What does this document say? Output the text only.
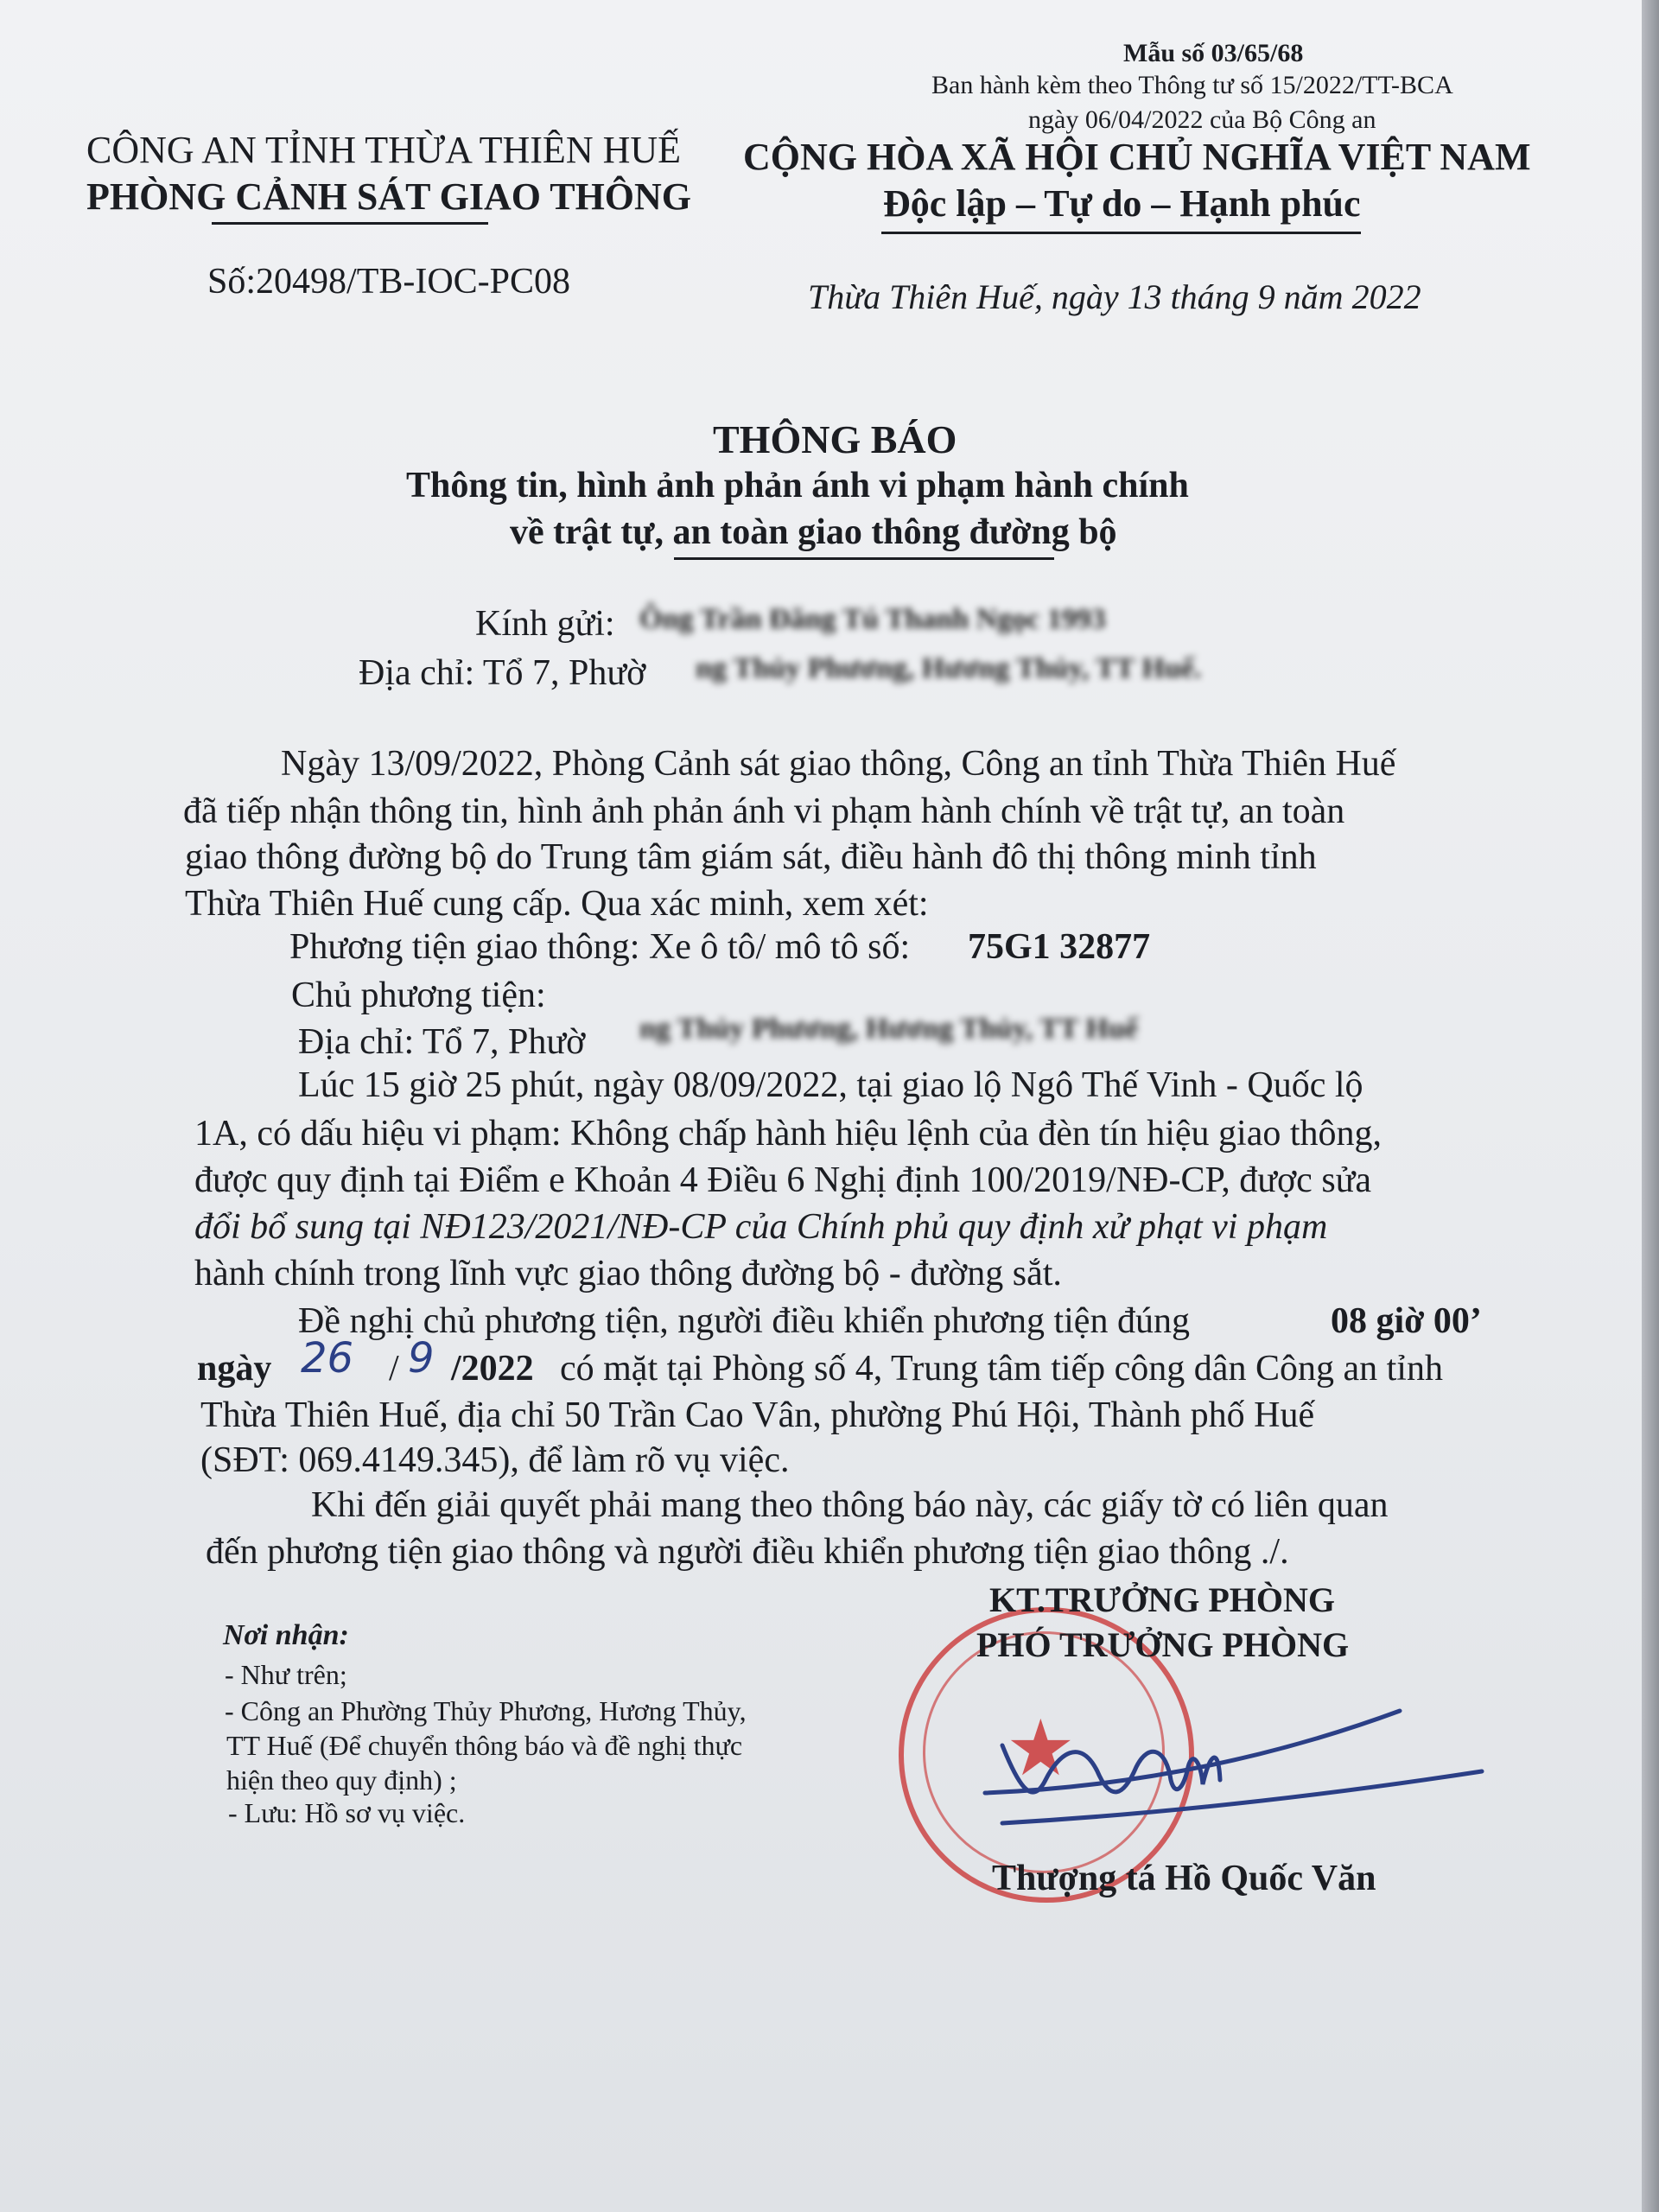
Mẫu số 03/65/68
Ban hành kèm theo Thông tư số 15/2022/TT-BCA
ngày 06/04/2022 của Bộ Công an
CÔNG AN TỈNH THỪA THIÊN HUẾ
PHÒNG CẢNH SÁT GIAO THÔNG
Số:20498/TB-IOC-PC08
CỘNG HÒA XÃ HỘI CHỦ NGHĨA VIỆT NAM
Độc lập – Tự do – Hạnh phúc
Thừa Thiên Huế, ngày 13 tháng 9 năm 2022
THÔNG BÁO
Thông tin, hình ảnh phản ánh vi phạm hành chính
về trật tự, an toàn giao thông đường bộ
Kính gửi: Ông Trần Đăng Tú Thanh Ngọc 1993
Địa chỉ: Tổ 7, Phườ ng Thủy Phương, Hương Thủy, TT Huế.
Ngày 13/09/2022, Phòng Cảnh sát giao thông, Công an tỉnh Thừa Thiên Huế
đã tiếp nhận thông tin, hình ảnh phản ánh vi phạm hành chính về trật tự, an toàn
giao thông đường bộ do Trung tâm giám sát, điều hành đô thị thông minh tỉnh
Thừa Thiên Huế cung cấp. Qua xác minh, xem xét:
Phương tiện giao thông: Xe ô tô/ mô tô số: 75G1 32877
Chủ phương tiện:
Địa chỉ: Tổ 7, Phườ ng Thủy Phương, Hương Thủy, TT Huế
Lúc 15 giờ 25 phút, ngày 08/09/2022, tại giao lộ Ngô Thế Vinh - Quốc lộ
1A, có dấu hiệu vi phạm: Không chấp hành hiệu lệnh của đèn tín hiệu giao thông,
được quy định tại Điểm e Khoản 4 Điều 6 Nghị định 100/2019/NĐ-CP, được sửa
đổi bổ sung tại NĐ123/2021/NĐ-CP của Chính phủ quy định xử phạt vi phạm
hành chính trong lĩnh vực giao thông đường bộ - đường sắt.
Đề nghị chủ phương tiện, người điều khiển phương tiện đúng	08 giờ 00’
ngày 26 / 9 /2022 có mặt tại Phòng số 4, Trung tâm tiếp công dân Công an tỉnh
Thừa Thiên Huế, địa chỉ 50 Trần Cao Vân, phường Phú Hội, Thành phố Huế
(SĐT: 069.4149.345), để làm rõ vụ việc.
Khi đến giải quyết phải mang theo thông báo này, các giấy tờ có liên quan
đến phương tiện giao thông và người điều khiển phương tiện giao thông ./.
Nơi nhận:
- Như trên;
- Công an Phường Thủy Phương, Hương Thủy,
TT Huế (Để chuyển thông báo và đề nghị thực
hiện theo quy định) ;
- Lưu: Hồ sơ vụ việc.
★
KT.TRƯỞNG PHÒNG
PHÓ TRƯỞNG PHÒNG
Thượng tá Hồ Quốc Văn
